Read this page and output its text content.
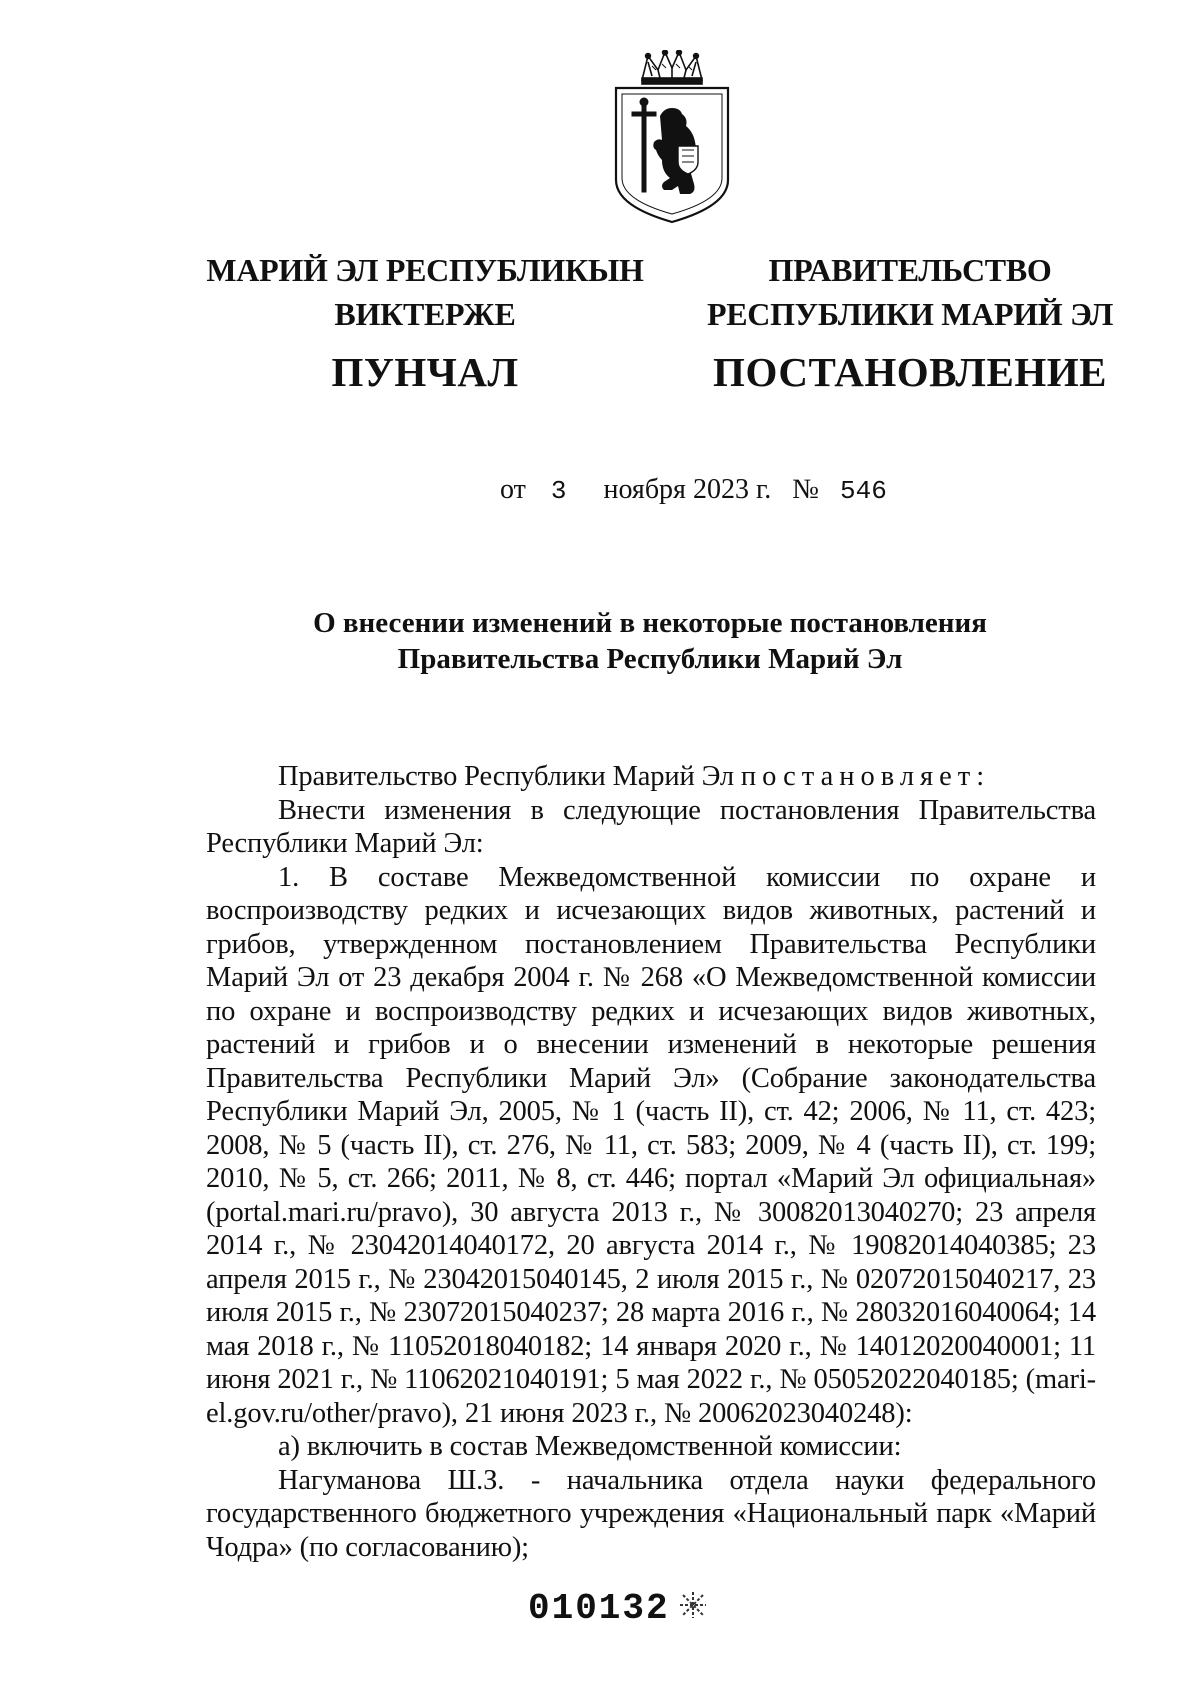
МАРИЙ ЭЛ РЕСПУБЛИКЫН
ВИКТЕРЖЕ
ПУНЧАЛ
ПРАВИТЕЛЬСТВО
РЕСПУБЛИКИ МАРИЙ ЭЛ
ПОСТАНОВЛЕНИЕ
от 3 ноября 2023 г. № 546
О внесении изменений в некоторые постановления
Правительства Республики Марий Эл

Правительство Республики Марий Эл постановляет:

Внести изменения в следующие постановления Правительства Республики Марий Эл:

1. В составе Межведомственной комиссии по охране и воспроизводству редких и исчезающих видов животных, растений и грибов, утвержденном постановлением Правительства Республики Марий Эл от 23 декабря 2004 г. № 268 «О Межведомственной комиссии по охране и воспроизводству редких и исчезающих видов животных, растений и грибов и о внесении изменений в некоторые решения Правительства Республики Марий Эл» (Собрание законодательства Республики Марий Эл, 2005, № 1 (часть II), ст. 42; 2006, № 11, ст. 423; 2008, № 5 (часть II), ст. 276, № 11, ст. 583; 2009, № 4 (часть II), ст. 199; 2010, № 5, ст. 266; 2011, № 8, ст. 446; портал «Марий Эл официальная» (portal.mari.ru/pravo), 30 августа 2013 г., № 30082013040270; 23 апреля 2014 г., № 23042014040172, 20 августа 2014 г., № 19082014040385; 23 апреля 2015 г., № 23042015040145, 2 июля 2015 г., № 02072015040217, 23 июля 2015 г., № 23072015040237; 28 марта 2016 г., № 28032016040064; 14 мая 2018 г., № 11052018040182; 14 января 2020 г., № 14012020040001; 11 июня 2021 г., № 11062021040191; 5 мая 2022 г., № 05052022040185; (mari-el.gov.ru/other/pravo), 21 июня 2023 г., № 20062023040248):

а) включить в состав Межведомственной комиссии:

Нагуманова Ш.З. - начальника отдела науки федерального государственного бюджетного учреждения «Национальный парк «Марий Чодра» (по согласованию);

010132
